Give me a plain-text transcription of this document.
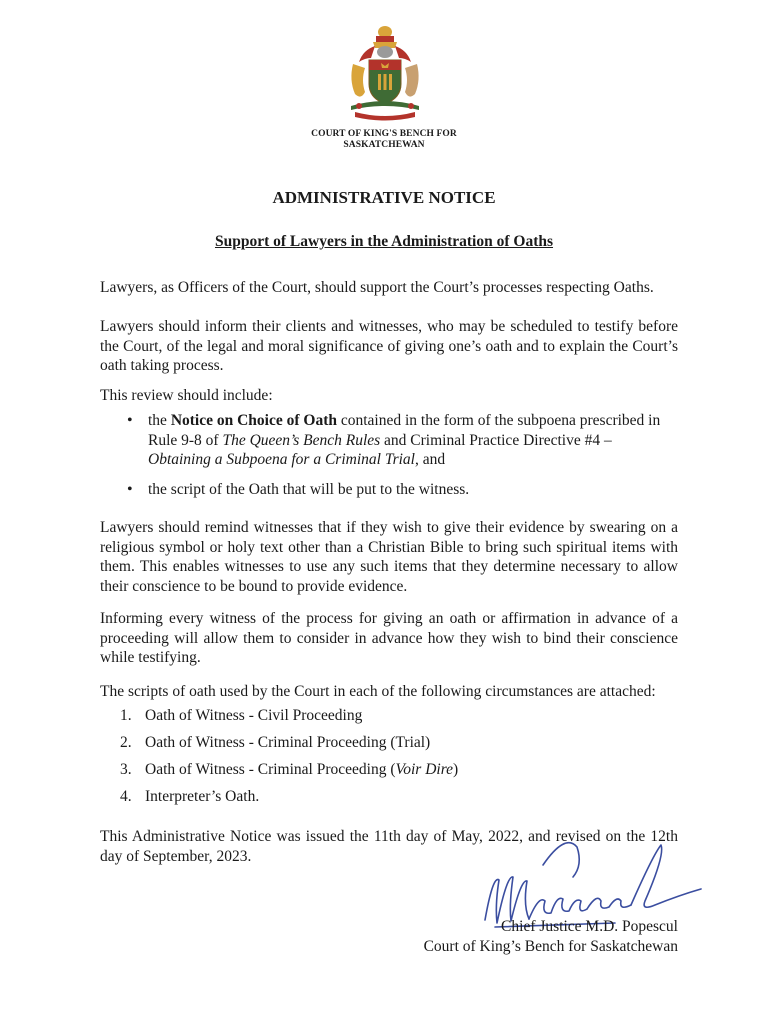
COURT OF KING'S BENCH FOR
SASKATCHEWAN
ADMINISTRATIVE NOTICE
Support of Lawyers in the Administration of Oaths
Lawyers, as Officers of the Court, should support the Court’s processes respecting Oaths.
Lawyers should inform their clients and witnesses, who may be scheduled to testify before the Court, of the legal and moral significance of giving one’s oath and to explain the Court’s oath taking process.
This review should include:
• the Notice on Choice of Oath contained in the form of the subpoena prescribed in Rule 9-8 of The Queen’s Bench Rules and Criminal Practice Directive #4 – Obtaining a Subpoena for a Criminal Trial, and
• the script of the Oath that will be put to the witness.
Lawyers should remind witnesses that if they wish to give their evidence by swearing on a religious symbol or holy text other than a Christian Bible to bring such spiritual items with them. This enables witnesses to use any such items that they determine necessary to allow their conscience to be bound to provide evidence.
Informing every witness of the process for giving an oath or affirmation in advance of a proceeding will allow them to consider in advance how they wish to bind their conscience while testifying.
The scripts of oath used by the Court in each of the following circumstances are attached:
1. Oath of Witness - Civil Proceeding
2. Oath of Witness - Criminal Proceeding (Trial)
3. Oath of Witness - Criminal Proceeding (Voir Dire)
4. Interpreter’s Oath.
This Administrative Notice was issued the 11th day of May, 2022, and revised on the 12th day of September, 2023.
Chief Justice M.D. Popescul
Court of King’s Bench for Saskatchewan
